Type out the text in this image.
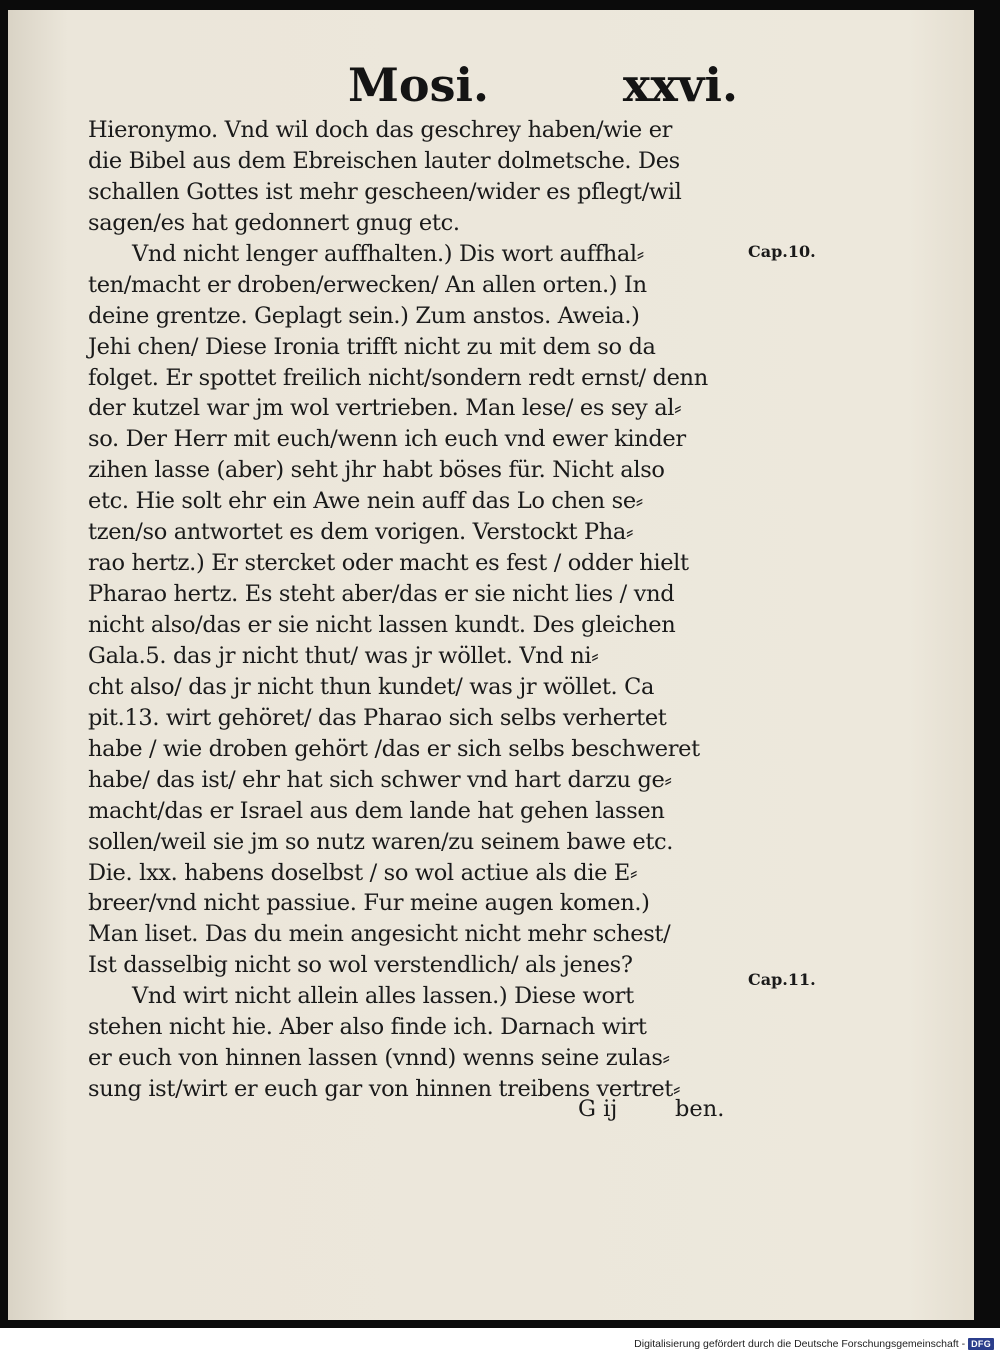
Mosi.	xxvi.
Hieronymo. Vnd wil doch das geschrey haben/wie er
die Bibel aus dem Ebreischen lauter dolmetsche. Des
schallen Gottes ist mehr gescheen/wider es pflegt/wil
sagen/es hat gedonnert gnug etc.
Vnd nicht lenger auffhalten.) Dis wort auffhal⸗
ten/macht er droben/erwecken/ An allen orten.) In
deine grentze. Geplagt sein.) Zum anstos. Aweia.)
Jehi chen/ Diese Ironia trifft nicht zu mit dem so da
folget. Er spottet freilich nicht/sondern redt ernst/ denn
der kutzel war jm wol vertrieben. Man lese/ es sey al⸗
so. Der Herr mit euch/wenn ich euch vnd ewer kinder
zihen lasse (aber) seht jhr habt böses für. Nicht also
etc. Hie solt ehr ein Awe nein auff das Lo chen se⸗
tzen/so antwortet es dem vorigen. Verstockt Pha⸗
rao hertz.) Er stercket oder macht es fest / odder hielt
Pharao hertz. Es steht aber/das er sie nicht lies / vnd
nicht also/das er sie nicht lassen kundt. Des gleichen
Gala.5. das jr nicht thut/ was jr wöllet. Vnd ni⸗
cht also/ das jr nicht thun kundet/ was jr wöllet. Ca
pit.13. wirt gehöret/ das Pharao sich selbs verhertet
habe / wie droben gehört /das er sich selbs beschweret
habe/ das ist/ ehr hat sich schwer vnd hart darzu ge⸗
macht/das er Israel aus dem lande hat gehen lassen
sollen/weil sie jm so nutz waren/zu seinem bawe etc.
Die. lxx. habens doselbst / so wol actiue als die E⸗
breer/vnd nicht passiue. Fur meine augen komen.)
Man liset. Das du mein angesicht nicht mehr schest/
Ist dasselbig nicht so wol verstendlich/ als jenes?
Vnd wirt nicht allein alles lassen.) Diese wort
stehen nicht hie. Aber also finde ich. Darnach wirt
er euch von hinnen lassen (vnnd) wenns seine zulas⸗
sung ist/wirt er euch gar von hinnen treibens vertret⸗
Cap.10.
Cap.11.
G ij	ben.
Digitalisierung gefördert durch die Deutsche Forschungsgemeinschaft - DFG
